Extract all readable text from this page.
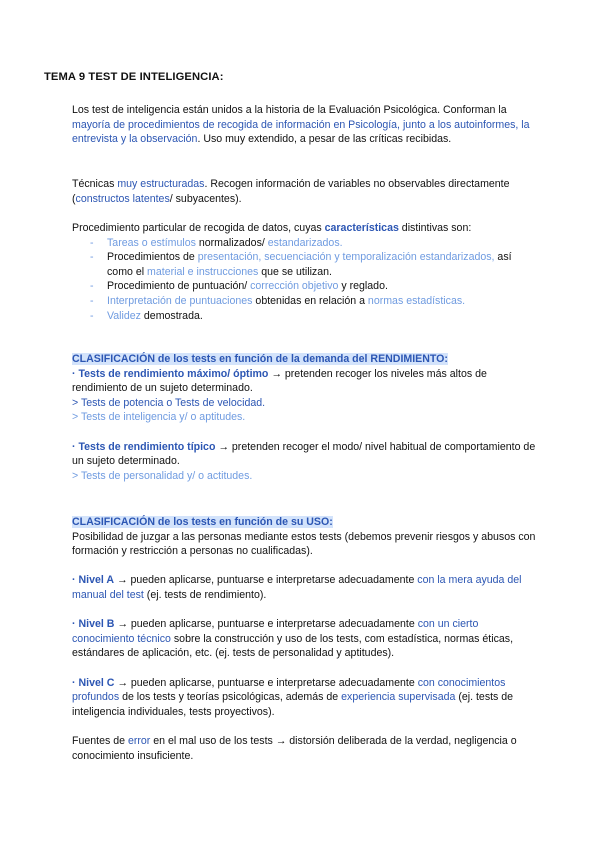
TEMA 9 TEST DE INTELIGENCIA:

Los test de inteligencia están unidos a la historia de la Evaluación Psicológica. Conforman la mayoría de procedimientos de recogida de información en Psicología, junto a los autoinformes, la entrevista y la observación. Uso muy extendido, a pesar de las críticas recibidas.

Técnicas muy estructuradas. Recogen información de variables no observables directamente (constructos latentes/ subyacentes).

Procedimiento particular de recogida de datos, cuyas características distintivas son:

- Tareas o estímulos normalizados/ estandarizados.
- Procedimientos de presentación, secuenciación y temporalización estandarizados, así como el material e instrucciones que se utilizan.
- Procedimiento de puntuación/ corrección objetivo y reglado.
- Interpretación de puntuaciones obtenidas en relación a normas estadísticas.
- Validez demostrada.

CLASIFICACIÓN de los tests en función de la demanda del RENDIMIENTO:

· Tests de rendimiento máximo/ óptimo → pretenden recoger los niveles más altos de rendimiento de un sujeto determinado.

> Tests de potencia o Tests de velocidad.

> Tests de inteligencia y/ o aptitudes.

· Tests de rendimiento típico → pretenden recoger el modo/ nivel habitual de comportamiento de un sujeto determinado.

> Tests de personalidad y/ o actitudes.

CLASIFICACIÓN de los tests en función de su USO:

Posibilidad de juzgar a las personas mediante estos tests (debemos prevenir riesgos y abusos con formación y restricción a personas no cualificadas).

· Nivel A → pueden aplicarse, puntuarse e interpretarse adecuadamente con la mera ayuda del manual del test (ej. tests de rendimiento).

· Nivel B → pueden aplicarse, puntuarse e interpretarse adecuadamente con un cierto conocimiento técnico sobre la construcción y uso de los tests, com estadística, normas éticas, estándares de aplicación, etc. (ej. tests de personalidad y aptitudes).

· Nivel C → pueden aplicarse, puntuarse e interpretarse adecuadamente con conocimientos profundos de los tests y teorías psicológicas, además de experiencia supervisada (ej. tests de inteligencia individuales, tests proyectivos).

Fuentes de error en el mal uso de los tests → distorsión deliberada de la verdad, negligencia o conocimiento insuficiente.
